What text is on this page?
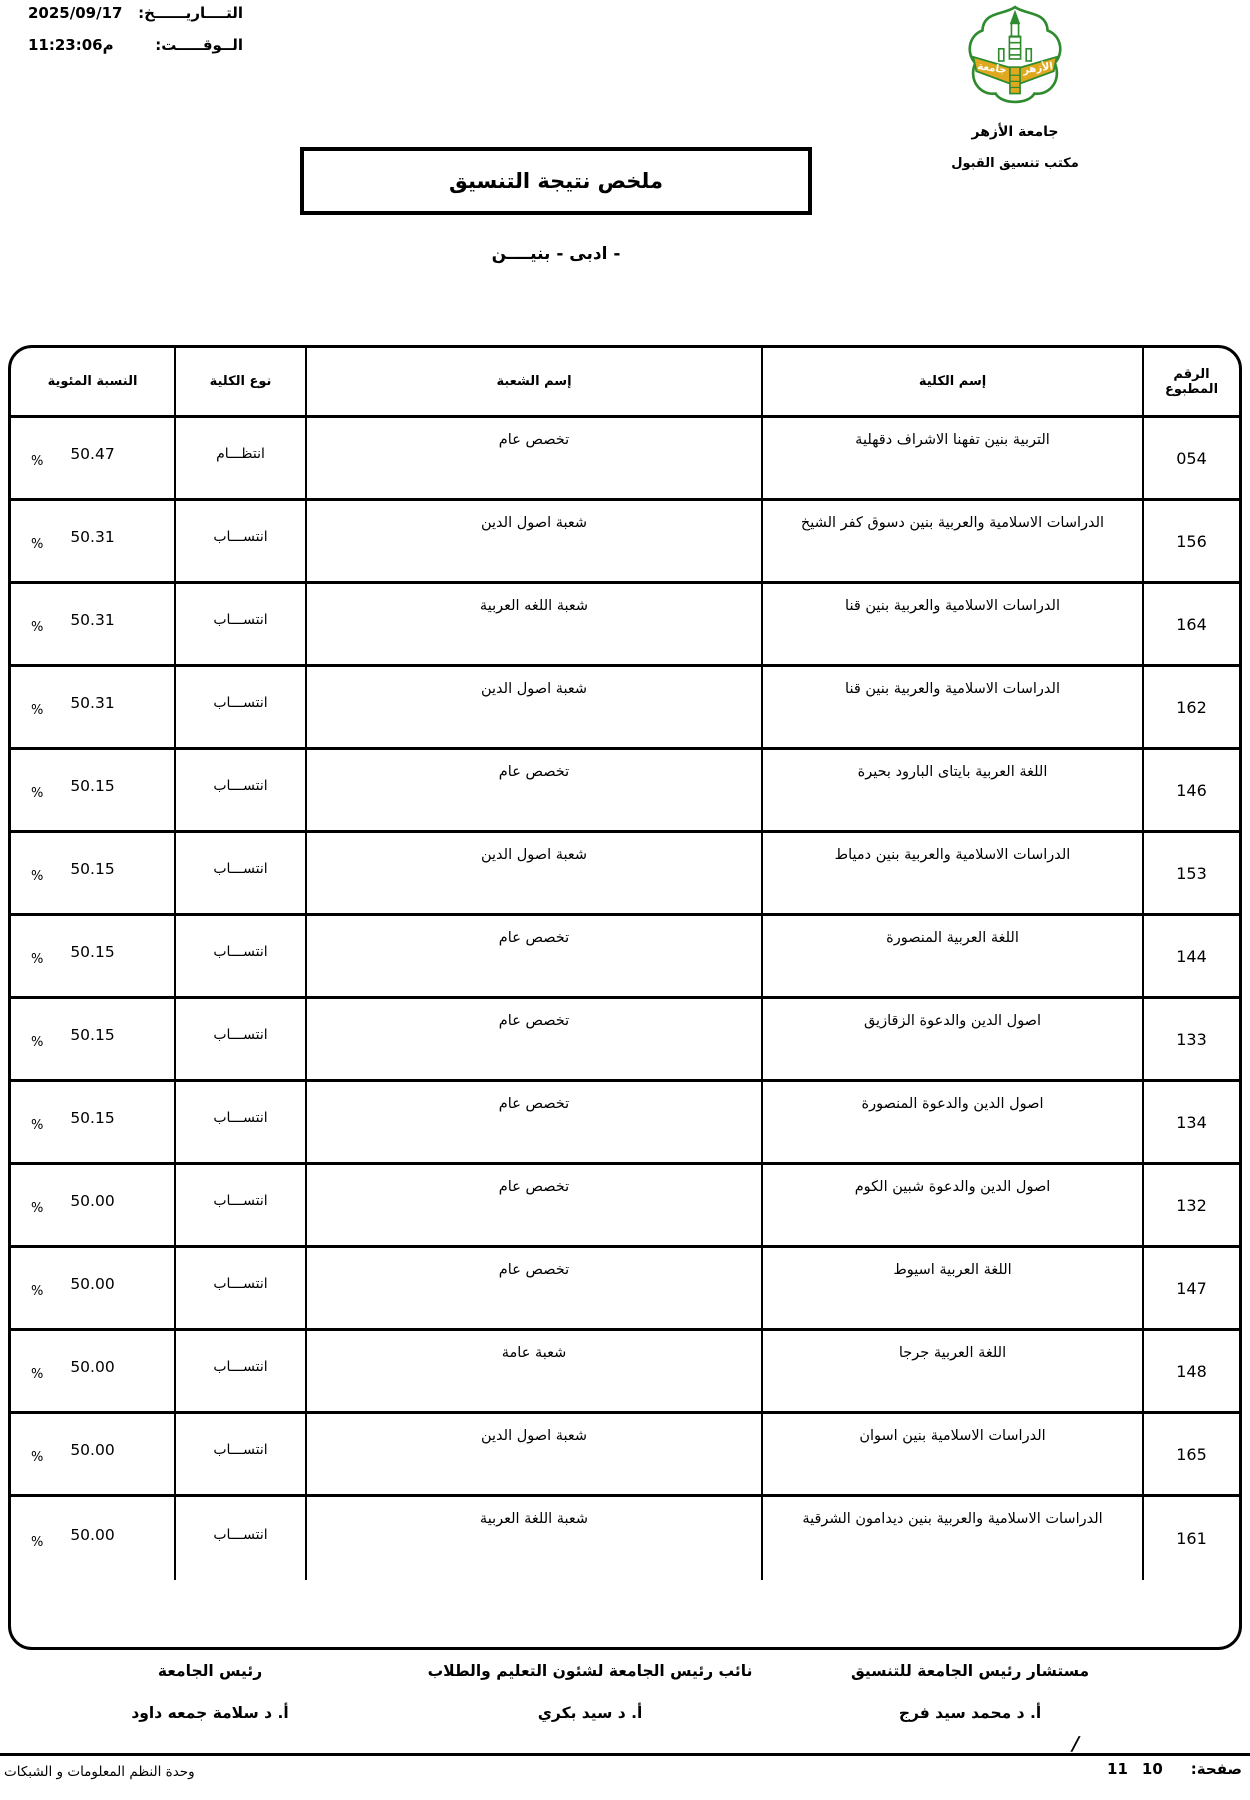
التــــاريــــــخ:
2025/09/17
الــوقـــــت:
م11:23:06
جامعة الأزهر
جامعة الأزهر
مكتب تنسيق القبول
ملخص نتيجة التنسيق
- ادبى - بنيــــن
الرقم المطبوع
إسم الكلية
إسم الشعبة
نوع الكلية
النسبة المئوية
054
التربية بنين تفهنا الاشراف دقهلية
تخصص عام
انتظـــام
50.47
%
156
الدراسات الاسلامية والعربية بنين دسوق كفر الشيخ
شعبة اصول الدين
انتســـاب
50.31
%
164
الدراسات الاسلامية والعربية بنين قنا
شعبة اللغه العربية
انتســـاب
50.31
%
162
الدراسات الاسلامية والعربية بنين قنا
شعبة اصول الدين
انتســـاب
50.31
%
146
اللغة العربية بايتاى البارود بحيرة
تخصص عام
انتســـاب
50.15
%
153
الدراسات الاسلامية والعربية بنين دمياط
شعبة اصول الدين
انتســـاب
50.15
%
144
اللغة العربية المنصورة
تخصص عام
انتســـاب
50.15
%
133
اصول الدين والدعوة الزقازيق
تخصص عام
انتســـاب
50.15
%
134
اصول الدين والدعوة المنصورة
تخصص عام
انتســـاب
50.15
%
132
اصول الدين والدعوة شبين الكوم
تخصص عام
انتســـاب
50.00
%
147
اللغة العربية اسيوط
تخصص عام
انتســـاب
50.00
%
148
اللغة العربية جرجا
شعبة عامة
انتســـاب
50.00
%
165
الدراسات الاسلامية بنين اسوان
شعبة اصول الدين
انتســـاب
50.00
%
161
الدراسات الاسلامية والعربية بنين ديدامون الشرقية
شعبة اللغة العربية
انتســـاب
50.00
%
مستشار رئيس الجامعة للتنسيق
أ. د محمد سيد فرج
نائب رئيس الجامعة لشئون التعليم والطلاب
أ. د سيد بكري
رئيس الجامعة
أ. د سلامة جمعه داود
/
صفحة:
10
11
وحدة النظم المعلومات و الشبكات
